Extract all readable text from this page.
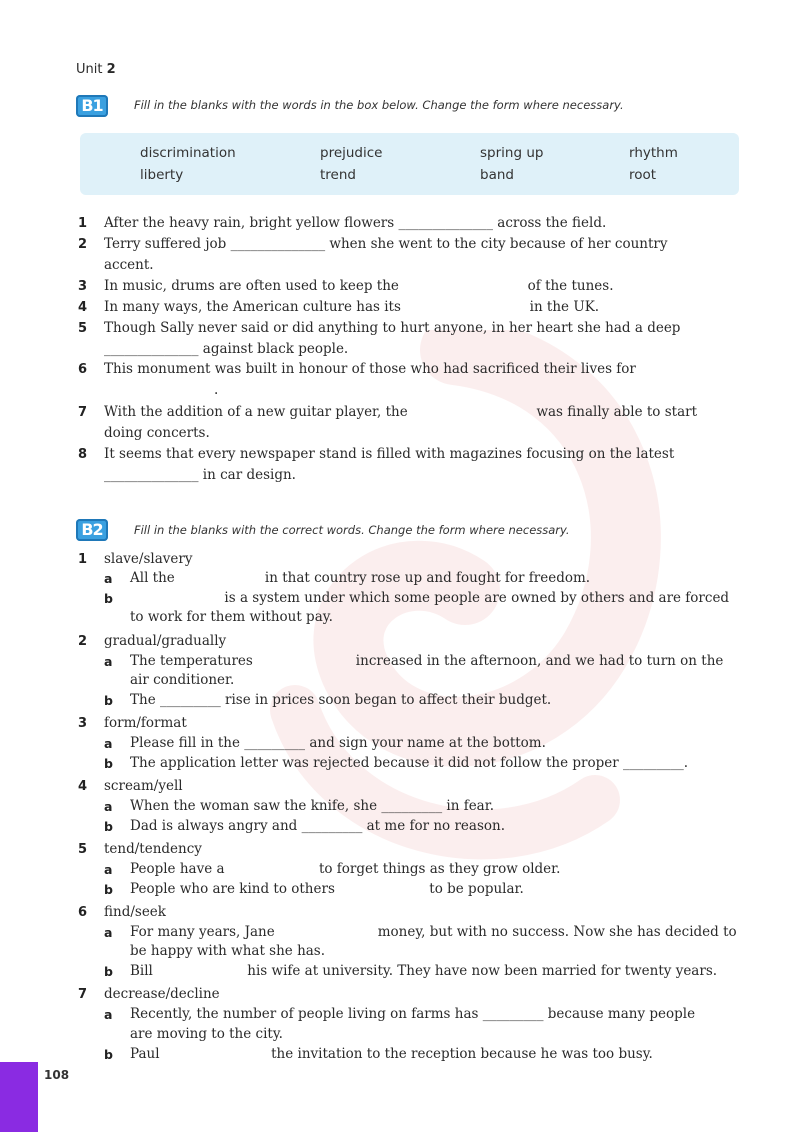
Unit 2
B1	Fill in the blanks with the words in the box below. Change the form where necessary.
discrimination	prejudice	spring up	rhythm
liberty	trend	band	root
1
2
3
4
5
6
7
8
After the heavy rain, bright yellow flowers ______________ across the field.
Terry suffered job ______________ when she went to the city because of her country
accent.
In music, drums are often used to keep the                              of the tunes.
In many ways, the American culture has its                              in the UK.
Though Sally never said or did anything to hurt anyone, in her heart she had a deep
______________ against black people.
This monument was built in honour of those who had sacrificed their lives for
.
With the addition of a new guitar player, the                              was finally able to start
doing concerts.
It seems that every newspaper stand is filled with magazines focusing on the latest
______________ in car design.
B2	Fill in the blanks with the correct words. Change the form where necessary.
1 slave/slavery
2 gradual/gradually
3 form/format
4 scream/yell
5 tend/tendency
6 find/seek
7 decrease/decline
a
b
a
b
a
b
a
b
a
b
a
b
a
b
All the                     in that country rose up and fought for freedom.
is a system under which some people are owned by others and are forced
to work for them without pay.
The temperatures                        increased in the afternoon, and we had to turn on the
air conditioner.
The _________ rise in prices soon began to affect their budget.
Please fill in the _________ and sign your name at the bottom.
The application letter was rejected because it did not follow the proper _________.
When the woman saw the knife, she _________ in fear.
Dad is always angry and _________ at me for no reason.
People have a                      to forget things as they grow older.
People who are kind to others                      to be popular.
For many years, Jane                        money, but with no success. Now she has decided to
be happy with what she has.
Bill                      his wife at university. They have now been married for twenty years.
Recently, the number of people living on farms has _________ because many people
are moving to the city.
Paul                          the invitation to the reception because he was too busy.
108
